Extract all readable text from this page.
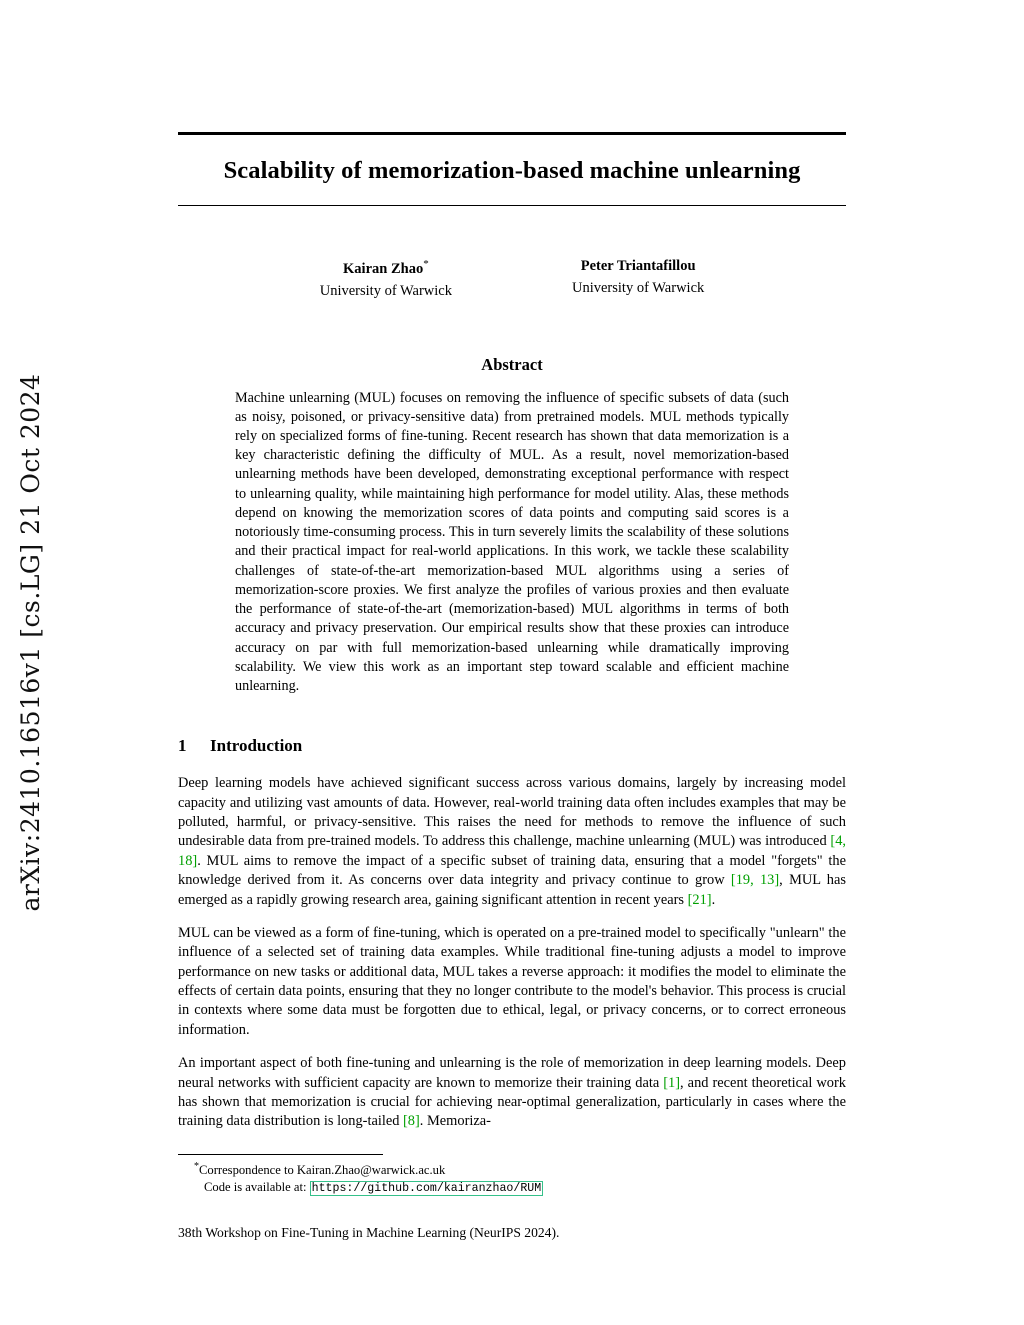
arXiv:2410.16516v1 [cs.LG] 21 Oct 2024
Scalability of memorization-based machine unlearning
Kairan Zhao*
University of Warwick
Peter Triantafillou
University of Warwick
Abstract
Machine unlearning (MUL) focuses on removing the influence of specific subsets of data (such as noisy, poisoned, or privacy-sensitive data) from pretrained models. MUL methods typically rely on specialized forms of fine-tuning. Recent research has shown that data memorization is a key characteristic defining the difficulty of MUL. As a result, novel memorization-based unlearning methods have been developed, demonstrating exceptional performance with respect to unlearning quality, while maintaining high performance for model utility. Alas, these methods depend on knowing the memorization scores of data points and computing said scores is a notoriously time-consuming process. This in turn severely limits the scalability of these solutions and their practical impact for real-world applications. In this work, we tackle these scalability challenges of state-of-the-art memorization-based MUL algorithms using a series of memorization-score proxies. We first analyze the profiles of various proxies and then evaluate the performance of state-of-the-art (memorization-based) MUL algorithms in terms of both accuracy and privacy preservation. Our empirical results show that these proxies can introduce accuracy on par with full memorization-based unlearning while dramatically improving scalability. We view this work as an important step toward scalable and efficient machine unlearning.
1	Introduction
Deep learning models have achieved significant success across various domains, largely by increasing model capacity and utilizing vast amounts of data. However, real-world training data often includes examples that may be polluted, harmful, or privacy-sensitive. This raises the need for methods to remove the influence of such undesirable data from pre-trained models. To address this challenge, machine unlearning (MUL) was introduced [4, 18]. MUL aims to remove the impact of a specific subset of training data, ensuring that a model "forgets" the knowledge derived from it. As concerns over data integrity and privacy continue to grow [19, 13], MUL has emerged as a rapidly growing research area, gaining significant attention in recent years [21].
MUL can be viewed as a form of fine-tuning, which is operated on a pre-trained model to specifically "unlearn" the influence of a selected set of training data examples. While traditional fine-tuning adjusts a model to improve performance on new tasks or additional data, MUL takes a reverse approach: it modifies the model to eliminate the effects of certain data points, ensuring that they no longer contribute to the model's behavior. This process is crucial in contexts where some data must be forgotten due to ethical, legal, or privacy concerns, or to correct erroneous information.
An important aspect of both fine-tuning and unlearning is the role of memorization in deep learning models. Deep neural networks with sufficient capacity are known to memorize their training data [1], and recent theoretical work has shown that memorization is crucial for achieving near-optimal generalization, particularly in cases where the training data distribution is long-tailed [8]. Memoriza-
*Correspondence to Kairan.Zhao@warwick.ac.uk
Code is available at: https://github.com/kairanzhao/RUM
38th Workshop on Fine-Tuning in Machine Learning (NeurIPS 2024).
